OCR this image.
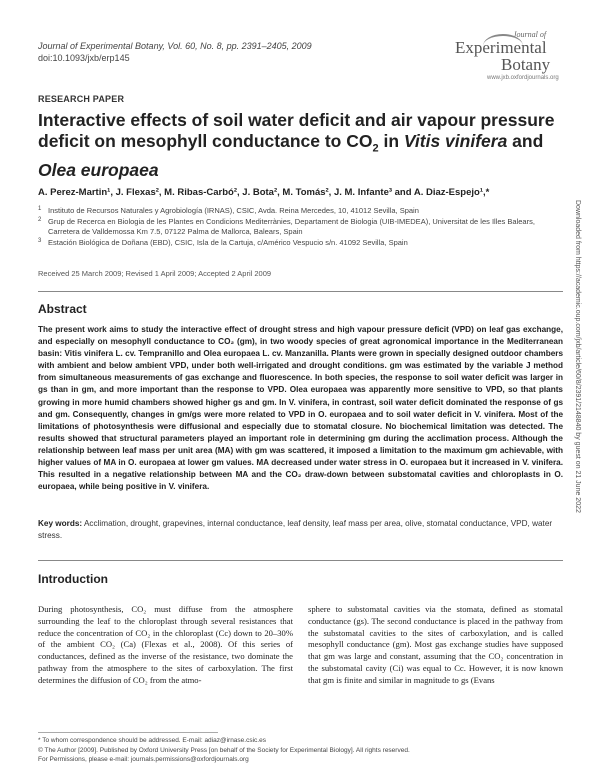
Journal of Experimental Botany, Vol. 60, No. 8, pp. 2391–2405, 2009
doi:10.1093/jxb/erp145
Journal of
Experimental
Botany
www.jxb.oxfordjournals.org
RESEARCH PAPER
Interactive effects of soil water deficit and air vapour pressure deficit on mesophyll conductance to $CO_2$ in Vitis vinifera and Olea europaea
A. Perez-Martin¹, J. Flexas², M. Ribas-Carbó², J. Bota², M. Tomás², J. M. Infante³ and A. Diaz-Espejo¹,*
1 Instituto de Recursos Naturales y Agrobiología (IRNAS), CSIC, Avda. Reina Mercedes, 10, 41012 Sevilla, Spain
2 Grup de Recerca en Biologia de les Plantes en Condicions Mediterrànies, Departament de Biologia (UIB-IMEDEA), Universitat de les Illes Balears, Carretera de Valldemossa Km 7.5, 07122 Palma de Mallorca, Balears, Spain
3 Estación Biológica de Doñana (EBD), CSIC, Isla de la Cartuja, c/Américo Vespucio s/n. 41092 Sevilla, Spain
Received 25 March 2009; Revised 1 April 2009; Accepted 2 April 2009
Abstract
The present work aims to study the interactive effect of drought stress and high vapour pressure deficit (VPD) on leaf gas exchange, and especially on mesophyll conductance to CO₂ (gm), in two woody species of great agronomical importance in the Mediterranean basin: Vitis vinifera L. cv. Tempranillo and Olea europaea L. cv. Manzanilla. Plants were grown in specially designed outdoor chambers with ambient and below ambient VPD, under both well-irrigated and drought conditions. gm was estimated by the variable J method from simultaneous measurements of gas exchange and fluorescence. In both species, the response to soil water deficit was larger in gs than in gm, and more important than the response to VPD. Olea europaea was apparently more sensitive to VPD, so that plants growing in more humid chambers showed higher gs and gm. In V. vinifera, in contrast, soil water deficit dominated the response of gs and gm. Consequently, changes in gm/gs were more related to VPD in O. europaea and to soil water deficit in V. vinifera. Most of the limitations of photosynthesis were diffusional and especially due to stomatal closure. No biochemical limitation was detected. The results showed that structural parameters played an important role in determining gm during the acclimation process. Although the relationship between leaf mass per unit area (MA) with gm was scattered, it imposed a limitation to the maximum gm achievable, with higher values of MA in O. europaea at lower gm values. MA decreased under water stress in O. europaea but it increased in V. vinifera. This resulted in a negative relationship between MA and the CO₂ draw-down between substomatal cavities and chloroplasts in O. europaea, while being positive in V. vinifera.
Key words: Acclimation, drought, grapevines, internal conductance, leaf density, leaf mass per area, olive, stomatal conductance, VPD, water stress.
Introduction
During photosynthesis, CO₂ must diffuse from the atmosphere surrounding the leaf to the chloroplast through several resistances that reduce the concentration of CO₂ in the chloroplast (Cc) down to 20–30% of the ambient CO₂ (Ca) (Flexas et al., 2008). Of this series of conductances, defined as the inverse of the resistance, two dominate the pathway from the atmosphere to the sites of carboxylation. The first determines the diffusion of CO₂ from the atmo-
sphere to substomatal cavities via the stomata, defined as stomatal conductance (gs). The second conductance is placed in the pathway from the substomatal cavities to the sites of carboxylation, and is called mesophyll conductance (gm). Most gas exchange studies have supposed that gm was large and constant, assuming that the CO₂ concentration in the substomatal cavity (Ci) was equal to Cc. However, it is now known that gm is finite and similar in magnitude to gs (Evans
* To whom correspondence should be addressed. E-mail: adiaz@irnase.csic.es
© The Author [2009]. Published by Oxford University Press [on behalf of the Society for Experimental Biology]. All rights reserved.
For Permissions, please e-mail: journals.permissions@oxfordjournals.org
Downloaded from https://academic.oup.com/jxb/article/60/8/2391/2148840 by guest on 21 June 2022
